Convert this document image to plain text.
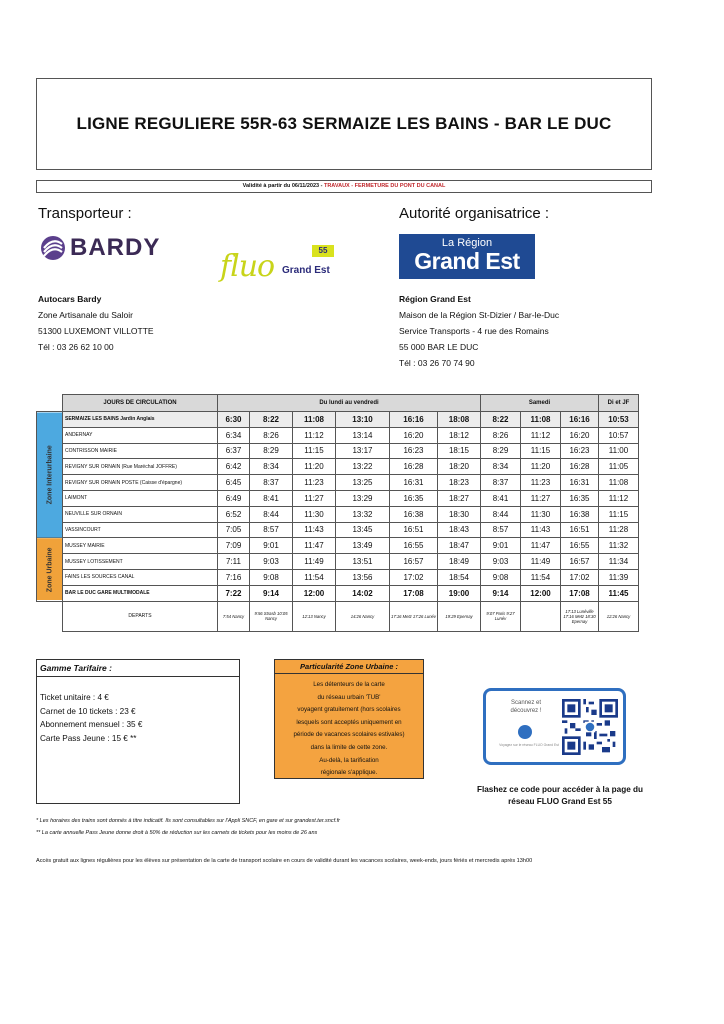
LIGNE REGULIERE 55R-63 SERMAIZE LES BAINS - BAR LE DUC
Validité à partir du 06/11/2023 - TRAVAUX - FERMETURE DU PONT DU CANAL
Transporteur :	Autorité organisatrice :
BARDY
fluo Grand Est
55
La Région
Grand Est
Autocars Bardy
Zone Artisanale du Saloir
51300 LUXEMONT VILLOTTE
Tél : 03 26 62 10 00
Région Grand Est
Maison de la Région St-Dizier / Bar-le-Duc
Service Transports - 4 rue des Romains
55 000 BAR LE DUC
Tél : 03 26 70 74 90
	JOURS DE CIRCULATION	Du lundi au vendredi						Samedi			Di et JF
Zone Interurbaine	SERMAIZE LES BAINS Jardin Anglais	6:30	8:22	11:08	13:10	16:16	18:08	8:22	11:08	16:16	10:53
	ANDERNAY	6:34	8:26	11:12	13:14	16:20	18:12	8:26	11:12	16:20	10:57
	CONTRISSON MAIRIE	6:37	8:29	11:15	13:17	16:23	18:15	8:29	11:15	16:23	11:00
	REVIGNY SUR ORNAIN (Rue Maréchal JOFFRE)	6:42	8:34	11:20	13:22	16:28	18:20	8:34	11:20	16:28	11:05
	REVIGNY SUR ORNAIN POSTE (Caisse d'épargne)	6:45	8:37	11:23	13:25	16:31	18:23	8:37	11:23	16:31	11:08
	LAIMONT	6:49	8:41	11:27	13:29	16:35	18:27	8:41	11:27	16:35	11:12
	NEUVILLE SUR ORNAIN	6:52	8:44	11:30	13:32	16:38	18:30	8:44	11:30	16:38	11:15
	VASSINCOURT	7:05	8:57	11:43	13:45	16:51	18:43	8:57	11:43	16:51	11:28
Zone Urbaine	MUSSEY MAIRIE	7:09	9:01	11:47	13:49	16:55	18:47	9:01	11:47	16:55	11:32
	MUSSEY LOTISSEMENT	7:11	9:03	11:49	13:51	16:57	18:49	9:03	11:49	16:57	11:34
	FAINS LES SOURCES CANAL	7:16	9:08	11:54	13:56	17:02	18:54	9:08	11:54	17:02	11:39
	BAR LE DUC GARE MULTIMODALE	7:22	9:14	12:00	14:02	17:08	19:00	9:14	12:00	17:08	11:45
	DEPARTS	7:54 Nancy	9:56 Strasb 10:05 Nancy	12:13 Nancy	14:26 Nancy	17:16 Metz 17:26 Lunév	19:29 Epernay	9:07 Paris 9:27 Lunév		17:13 Lunéville 17:16 Metz 18:30 Epernay	12:26 Nancy
Gamme Tarifaire :
Ticket unitaire : 4 €
Carnet de 10 tickets : 23 €
Abonnement mensuel : 35 €
Carte Pass Jeune : 15 € **
Particularité Zone Urbaine :
Les détenteurs de la carte
du réseau urbain 'TUB'
voyagent gratuitement (hors scolaires
lesquels sont acceptés uniquement en
période de vacances scolaires estivales)
dans la limite de cette zone.
Au-delà, la tarification
régionale s'applique.
Scannez et découvrez !
Voyagez sur le réseau FLUO Grand Est
Flashez ce code pour accéder à la page du réseau FLUO Grand Est 55
* Les horaires des trains sont donnés à titre indicatif. Ils sont consultables sur l'Appli SNCF, en gare et sur grandest.ter.sncf.fr
** La carte annuelle Pass Jeune donne droit à 50% de réduction sur les carnets de tickets pour les moins de 26 ans
Accès gratuit aux lignes régulières pour les élèves sur présentation de la carte de transport scolaire en cours de validité durant les vacances scolaires, week-ends, jours fériés et mercredis après 13h00
